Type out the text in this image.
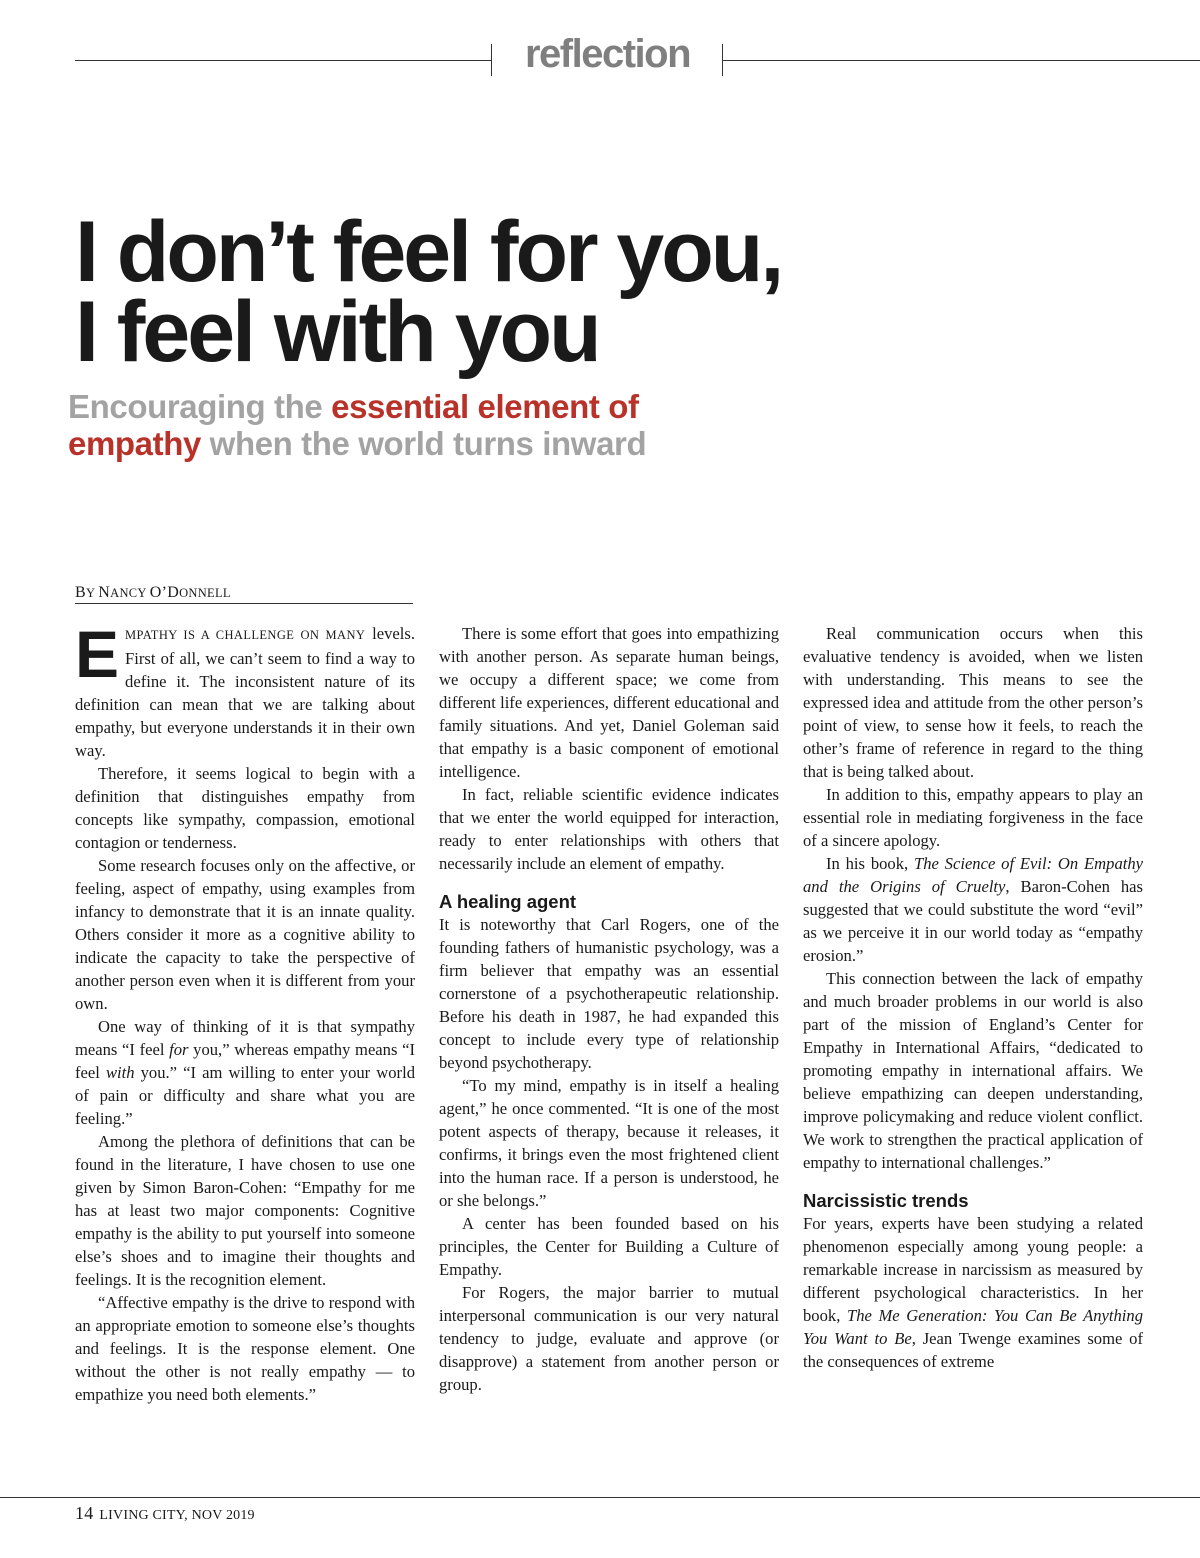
reflection
I don’t feel for you,
I feel with you
Encouraging the essential element of
empathy when the world turns inward
BY NANCY O’DONNELL

EMPATHY IS A CHALLENGE ON MANY levels. First of all, we can’t seem to find a way to define it. The inconsistent nature of its definition can mean that we are talking about empathy, but everyone understands it in their own way.

Therefore, it seems logical to begin with a definition that distinguishes empathy from concepts like sympathy, compassion, emotional contagion or tenderness.

Some research focuses only on the affective, or feeling, aspect of empathy, using examples from infancy to demonstrate that it is an innate quality. Others consider it more as a cognitive ability to indicate the capacity to take the perspective of another person even when it is different from your own.

One way of thinking of it is that sympathy means “I feel for you,” whereas empathy means “I feel with you.” “I am willing to enter your world of pain or difficulty and share what you are feeling.”

Among the plethora of definitions that can be found in the literature, I have chosen to use one given by Simon Baron-Cohen: “Empathy for me has at least two major components: Cognitive empathy is the ability to put yourself into someone else’s shoes and to imagine their thoughts and feelings. It is the recognition element.

“Affective empathy is the drive to respond with an appropriate emotion to someone else’s thoughts and feelings. It is the response element. One without the other is not really empathy — to empathize you need both elements.”

There is some effort that goes into empathizing with another person. As separate human beings, we occupy a different space; we come from different life experiences, different educational and family situations. And yet, Daniel Goleman said that empathy is a basic component of emotional intelligence.

In fact, reliable scientific evidence indicates that we enter the world equipped for interaction, ready to enter relationships with others that necessarily include an element of empathy.

A healing agent

It is noteworthy that Carl Rogers, one of the founding fathers of humanistic psychology, was a firm believer that empathy was an essential cornerstone of a psychotherapeutic relationship. Before his death in 1987, he had expanded this concept to include every type of relationship beyond psychotherapy.

“To my mind, empathy is in itself a healing agent,” he once commented. “It is one of the most potent aspects of therapy, because it releases, it confirms, it brings even the most frightened client into the human race. If a person is understood, he or she belongs.”

A center has been founded based on his principles, the Center for Building a Culture of Empathy.

For Rogers, the major barrier to mutual interpersonal communication is our very natural tendency to judge, evaluate and approve (or disapprove) a statement from another person or group.

Real communication occurs when this evaluative tendency is avoided, when we listen with understanding. This means to see the expressed idea and attitude from the other person’s point of view, to sense how it feels, to reach the other’s frame of reference in regard to the thing that is being talked about.

In addition to this, empathy appears to play an essential role in mediating forgiveness in the face of a sincere apology.

In his book, The Science of Evil: On Empathy and the Origins of Cruelty, Baron-Cohen has suggested that we could substitute the word “evil” as we perceive it in our world today as “empathy erosion.”

This connection between the lack of empathy and much broader problems in our world is also part of the mission of England’s Center for Empathy in International Affairs, “dedicated to promoting empathy in international affairs. We believe empathizing can deepen understanding, improve policymaking and reduce violent conflict. We work to strengthen the practical application of empathy to international challenges.”

Narcissistic trends

For years, experts have been studying a related phenomenon especially among young people: a remarkable increase in narcissism as measured by different psychological characteristics. In her book, The Me Generation: You Can Be Anything You Want to Be, Jean Twenge examines some of the consequences of extreme

14 LIVING CITY, NOV 2019
